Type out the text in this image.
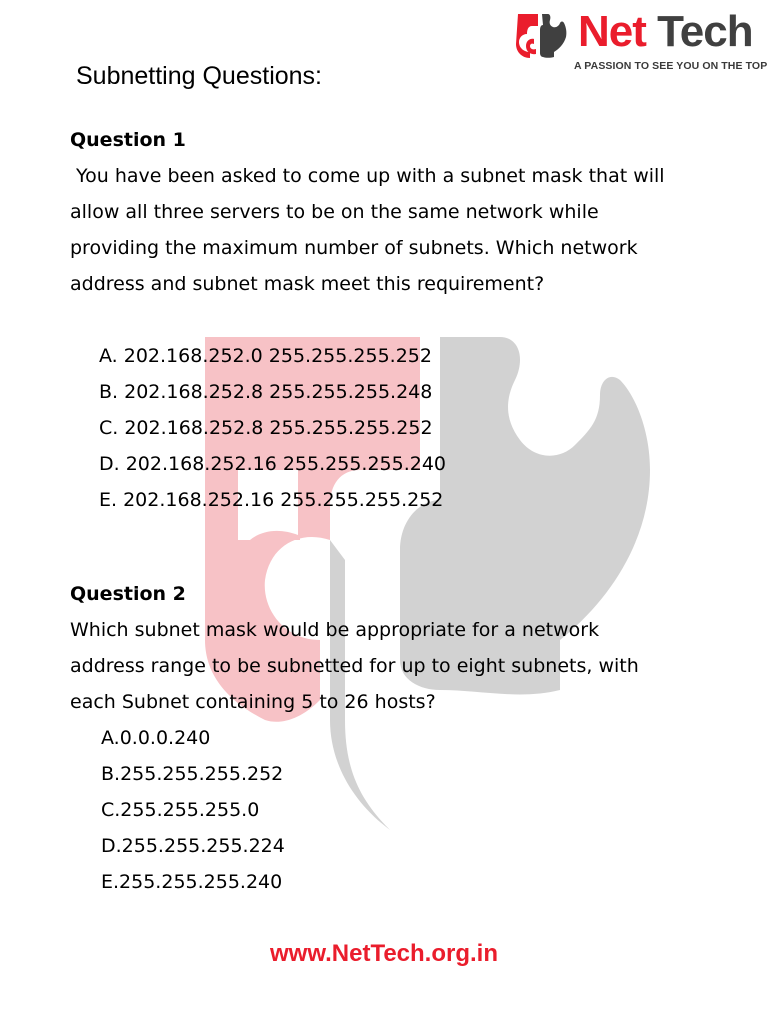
Net Tech
A PASSION TO SEE YOU ON THE TOP
Subnetting Questions:
Question 1
You have been asked to come up with a subnet mask that will
allow all three servers to be on the same network while
providing the maximum number of subnets. Which network
address and subnet mask meet this requirement?
A. 202.168.252.0 255.255.255.252
B. 202.168.252.8 255.255.255.248
C. 202.168.252.8 255.255.255.252
D. 202.168.252.16 255.255.255.240
E. 202.168.252.16 255.255.255.252
Question 2
Which subnet mask would be appropriate for a network
address range to be subnetted for up to eight subnets, with
each Subnet containing 5 to 26 hosts?
A.0.0.0.240
B.255.255.255.252
C.255.255.255.0
D.255.255.255.224
E.255.255.255.240
www.NetTech.org.in
